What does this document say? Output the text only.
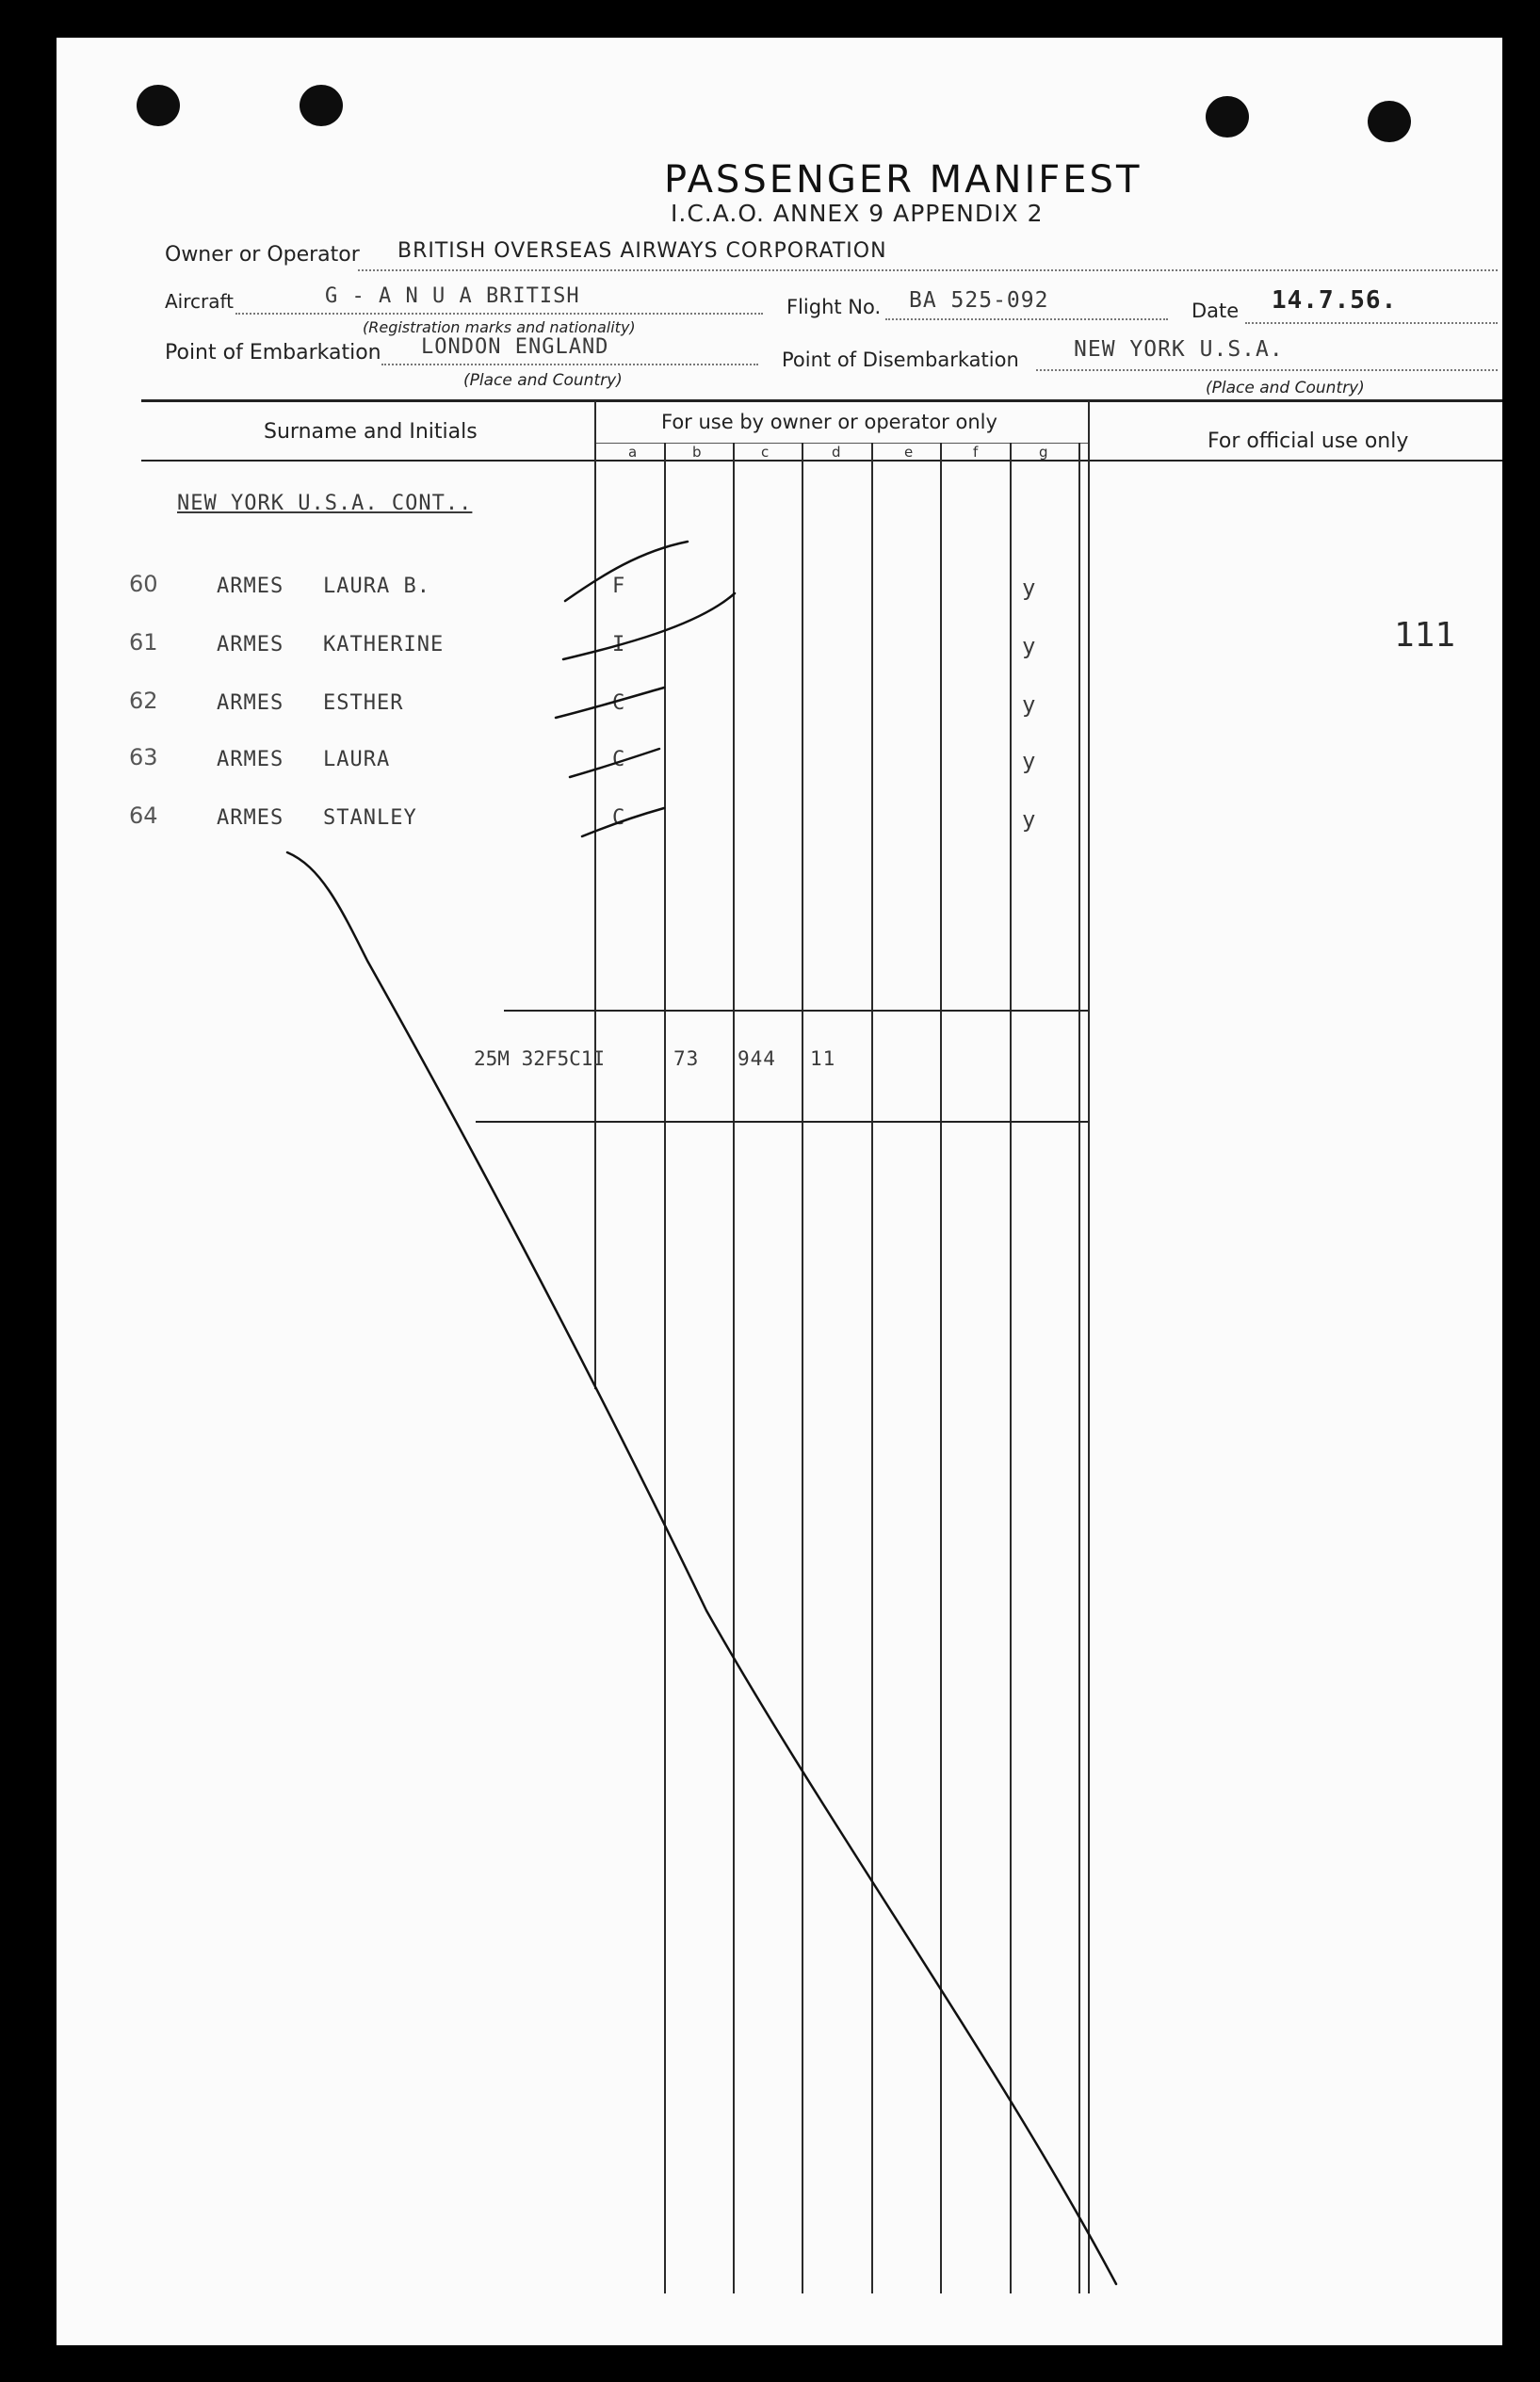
PASSENGER MANIFEST
I.C.A.O. ANNEX 9 APPENDIX 2
Owner or Operator BRITISH OVERSEAS AIRWAYS CORPORATION
Aircraft	G - A N U A BRITISH
(Registration marks and nationality)
Flight No. BA 525-092	Date 14.7.56.
Point of Embarkation LONDON ENGLAND
(Place and Country)
Point of Disembarkation	NEW YORK U.S.A.
(Place and Country)
Surname and Initials	For use by owner or operator only
For official use only
a	b	c	d	e	f	g
NEW YORK U.S.A. CONT..
60	ARMES LAURA B.	F	y
61	ARMES KATHERINE	I	y
62	ARMES ESTHER	C	y
63	ARMES LAURA	C	y
64	ARMES STANLEY	C	y
111
25M 32F5C1I	73 944 11
